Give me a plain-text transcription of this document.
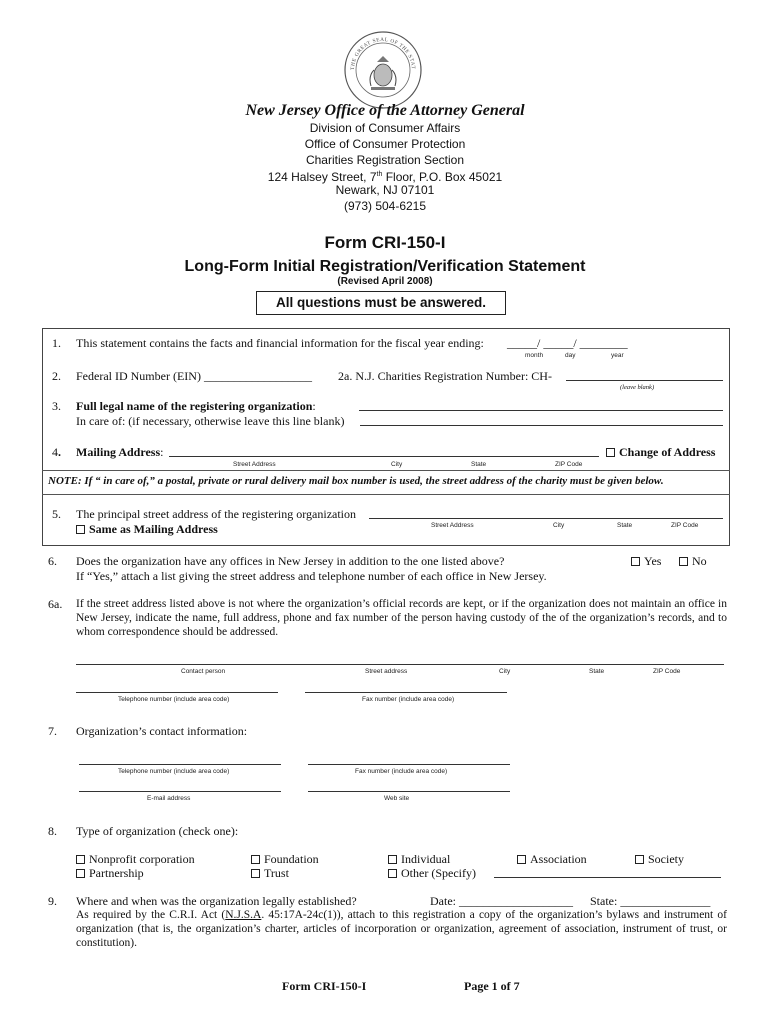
THE GREAT SEAL OF THE STAT
New Jersey Office of the Attorney General
Division of Consumer Affairs
Office of Consumer Protection
Charities Registration Section
124 Halsey Street, 7th Floor, P.O. Box 45021
Newark, NJ 07101
(973) 504-6215
Form CRI-150-I
Long-Form Initial Registration/Verification Statement
(Revised April 2008)
All questions must be answered.
1. This statement contains the facts and financial information for the fiscal year ending: _____/ _____/ ________
month	day	year
2. Federal ID Number (EIN) __________________ 2a. N.J. Charities Registration Number: CH-
(leave blank)
3. Full legal name of the registering organization:
In care of: (if necessary, otherwise leave this line blank)
4. Mailing Address:	Change of Address
Street Address	City	State	ZIP Code
NOTE: If “ in care of,” a postal, private or rural delivery mail box number is used, the street address of the charity must be given below.
5. The principal street address of the registering organization
Same as Mailing Address	Street Address	City	State	ZIP Code
6. Does the organization have any offices in New Jersey in addition to the one listed above?	Yes	No
If “Yes,” attach a list giving the street address and telephone number of each office in New Jersey.
6a. If the street address listed above is not where the organization’s official records are kept, or if the organization does not maintain an office in New Jersey, indicate the name, full address, phone and fax number of the person having custody of the of the organization’s records, and to whom correspondence should be addressed.
Contact person	Street address	City	State	ZIP Code
Telephone number (include area code)	Fax number (include area code)
7. Organization’s contact information:
Telephone number (include area code)	Fax number (include area code)
E-mail address	Web site
8. Type of organization (check one):
Nonprofit corporation	Foundation	Individual	Association	Society
Partnership	Trust	Other (Specify)
9. Where and when was the organization legally established?	Date: ___________________ State: _______________
As required by the C.R.I. Act (N.J.S.A. 45:17A-24c(1)), attach to this registration a copy of the organization’s bylaws and instrument of organization (that is, the organization’s charter, articles of incorporation or organization, agreement of association, instrument of trust, or constitution).
Form CRI-150-I	Page 1 of 7
